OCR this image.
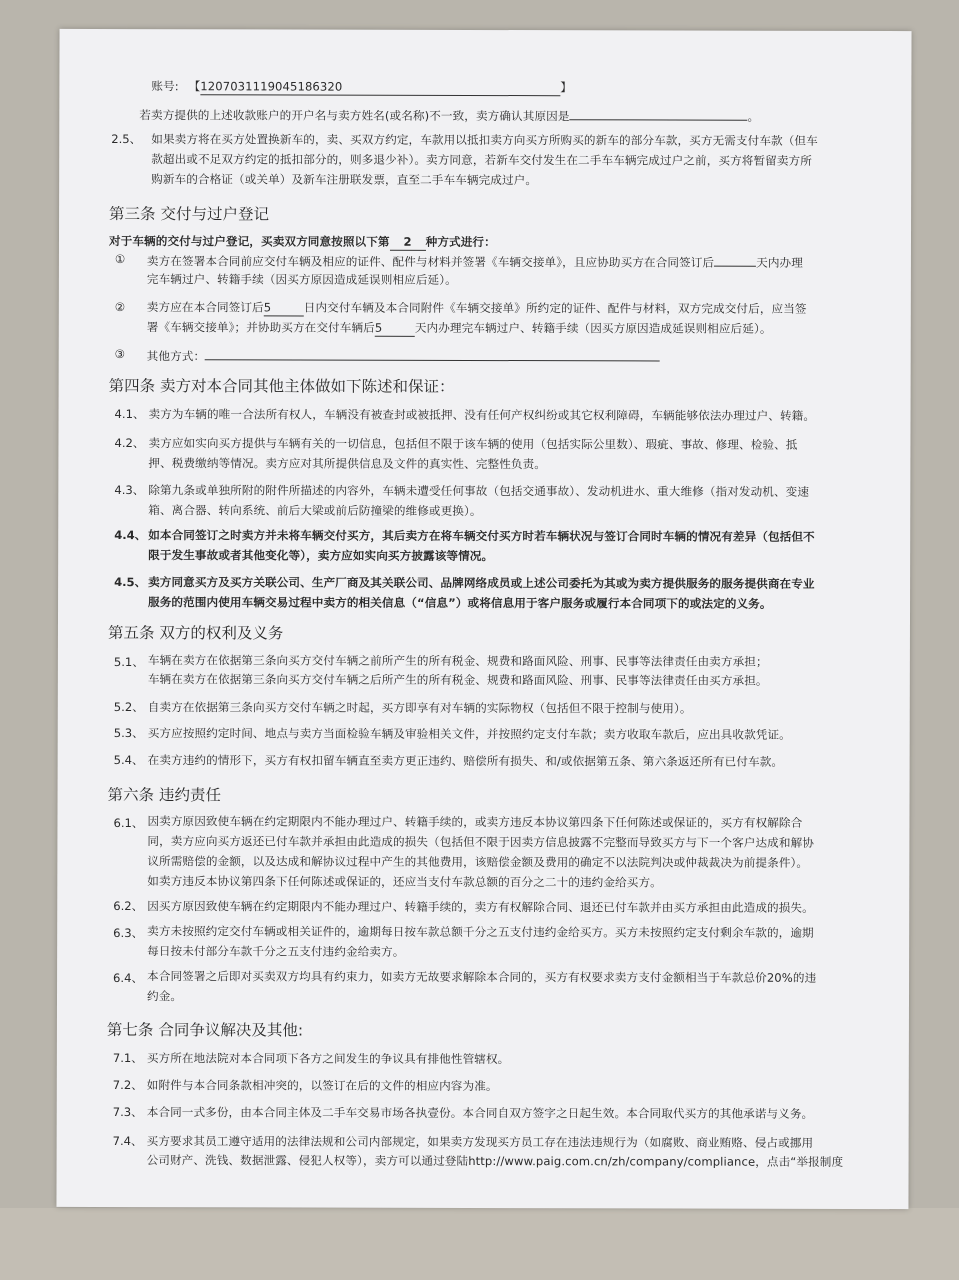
账号: 【1207031119045186320	】
若卖方提供的上述收款账户的开户名与卖方姓名(或名称)不一致，卖方确认其原因是	。
2.5、 如果卖方将在买方处置换新车的，卖、买双方约定，车款用以抵扣卖方向买方所购买的新车的部分车款，买方无需支付车款（但车
款超出或不足双方约定的抵扣部分的，则多退少补）。卖方同意，若新车交付发生在二手车车辆完成过户之前，买方将暂留卖方所
购新车的合格证（或关单）及新车注册联发票，直至二手车车辆完成过户。
第三条 交付与过户登记
对于车辆的交付与过户登记，买卖双方同意按照以下第 2 种方式进行：
① 卖方在签署本合同前应交付车辆及相应的证件、配件与材料并签署《车辆交接单》，且应协助买方在合同签订后	天内办理
完车辆过户、转籍手续（因买方原因造成延误则相应后延）。
② 卖方应在本合同签订后5	日内交付车辆及本合同附件《车辆交接单》所约定的证件、配件与材料，双方完成交付后，应当签
署《车辆交接单》；并协助买方在交付车辆后5	天内办理完车辆过户、转籍手续（因买方原因造成延误则相应后延）。
③ 其他方式：
第四条 卖方对本合同其他主体做如下陈述和保证：
4.1、 卖方为车辆的唯一合法所有权人，车辆没有被查封或被抵押、没有任何产权纠纷或其它权利障碍，车辆能够依法办理过户、转籍。
4.2、 卖方应如实向买方提供与车辆有关的一切信息，包括但不限于该车辆的使用（包括实际公里数）、瑕疵、事故、修理、检验、抵
押、税费缴纳等情况。卖方应对其所提供信息及文件的真实性、完整性负责。
4.3、 除第九条或单独所附的附件所描述的内容外，车辆未遭受任何事故（包括交通事故）、发动机进水、重大维修（指对发动机、变速
箱、离合器、转向系统、前后大梁或前后防撞梁的维修或更换）。
4.4、 如本合同签订之时卖方并未将车辆交付买方，其后卖方在将车辆交付买方时若车辆状况与签订合同时车辆的情况有差异（包括但不
限于发生事故或者其他变化等），卖方应如实向买方披露该等情况。
4.5、 卖方同意买方及买方关联公司、生产厂商及其关联公司、品牌网络成员或上述公司委托为其或为卖方提供服务的服务提供商在专业
服务的范围内使用车辆交易过程中卖方的相关信息（“信息”）或将信息用于客户服务或履行本合同项下的或法定的义务。
第五条 双方的权利及义务
5.1、 车辆在卖方在依据第三条向买方交付车辆之前所产生的所有税金、规费和路面风险、刑事、民事等法律责任由卖方承担；
车辆在卖方在依据第三条向买方交付车辆之后所产生的所有税金、规费和路面风险、刑事、民事等法律责任由买方承担。
5.2、 自卖方在依据第三条向买方交付车辆之时起，买方即享有对车辆的实际物权（包括但不限于控制与使用）。
5.3、 买方应按照约定时间、地点与卖方当面检验车辆及审验相关文件，并按照约定支付车款；卖方收取车款后，应出具收款凭证。
5.4、 在卖方违约的情形下，买方有权扣留车辆直至卖方更正违约、赔偿所有损失、和/或依据第五条、第六条返还所有已付车款。
第六条 违约责任
6.1、 因卖方原因致使车辆在约定期限内不能办理过户、转籍手续的，或卖方违反本协议第四条下任何陈述或保证的，买方有权解除合
同，卖方应向买方返还已付车款并承担由此造成的损失（包括但不限于因卖方信息披露不完整而导致买方与下一个客户达成和解协
议所需赔偿的金额，以及达成和解协议过程中产生的其他费用，该赔偿金额及费用的确定不以法院判决或仲裁裁决为前提条件）。
如卖方违反本协议第四条下任何陈述或保证的，还应当支付车款总额的百分之二十的违约金给买方。
6.2、 因买方原因致使车辆在约定期限内不能办理过户、转籍手续的，卖方有权解除合同、退还已付车款并由买方承担由此造成的损失。
6.3、 卖方未按照约定交付车辆或相关证件的，逾期每日按车款总额千分之五支付违约金给买方。买方未按照约定支付剩余车款的，逾期
每日按未付部分车款千分之五支付违约金给卖方。
6.4、 本合同签署之后即对买卖双方均具有约束力，如卖方无故要求解除本合同的，买方有权要求卖方支付金额相当于车款总价20%的违
约金。
第七条 合同争议解决及其他:
7.1、 买方所在地法院对本合同项下各方之间发生的争议具有排他性管辖权。
7.2、 如附件与本合同条款相冲突的，以签订在后的文件的相应内容为准。
7.3、 本合同一式多份，由本合同主体及二手车交易市场各执壹份。本合同自双方签字之日起生效。本合同取代买方的其他承诺与义务。
7.4、 买方要求其员工遵守适用的法律法规和公司内部规定，如果卖方发现买方员工存在违法违规行为（如腐败、商业贿赂、侵占或挪用
公司财产、洗钱、数据泄露、侵犯人权等），卖方可以通过登陆http://www.paig.com.cn/zh/company/compliance，点击“举报制度
